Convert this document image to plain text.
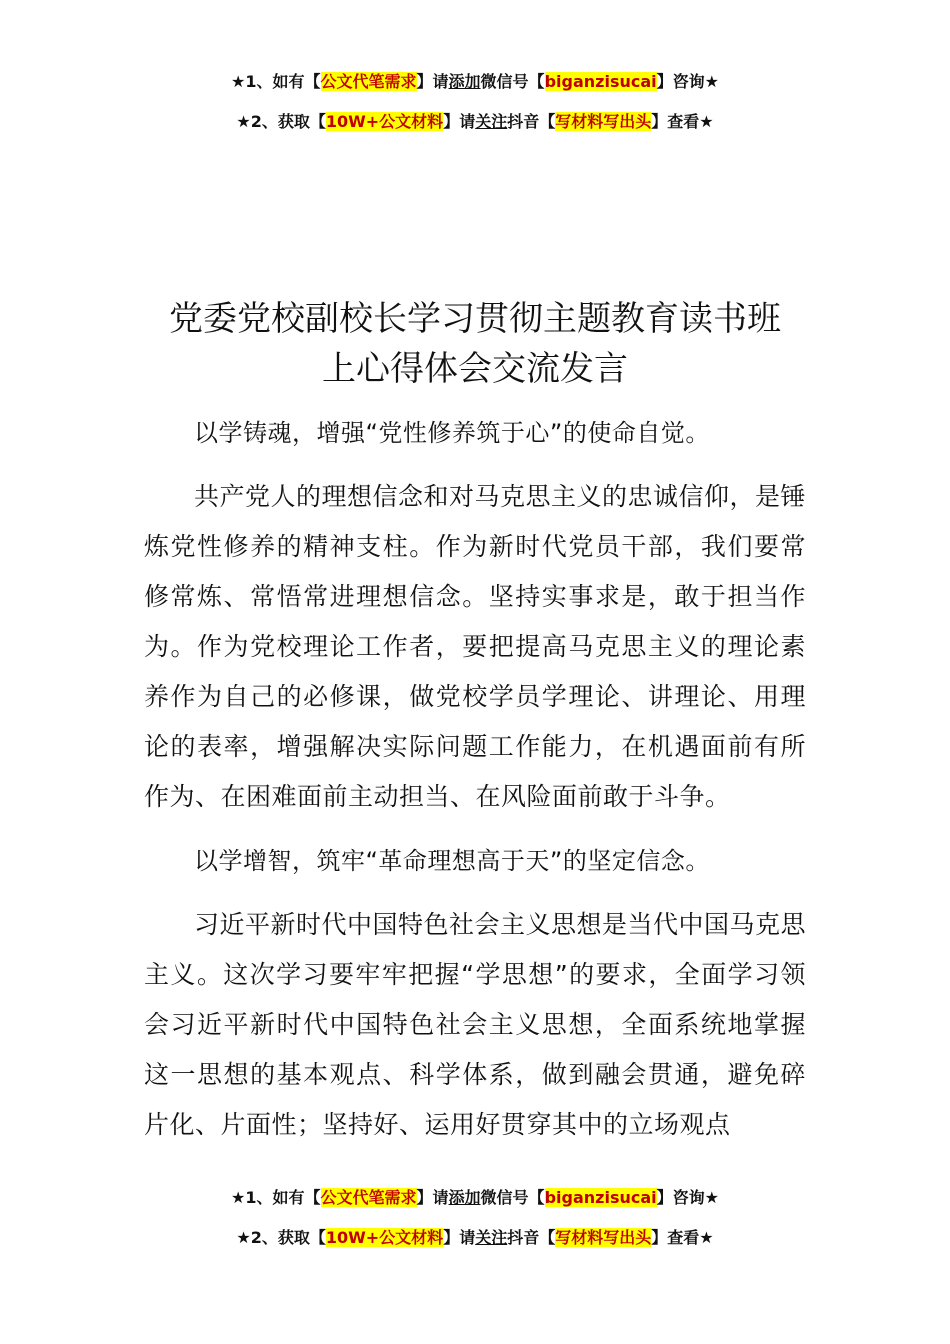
★1、如有【公文代笔需求】请添加微信号【biganzisucai】咨询★
★2、获取【10W+公文材料】请关注抖音【写材料写出头】查看★
党委党校副校长学习贯彻主题教育读书班
上心得体会交流发言

以学铸魂，增强“党性修养筑于心”的使命自觉。

共产党人的理想信念和对马克思主义的忠诚信仰，是锤炼党性修养的精神支柱。作为新时代党员干部，我们要常修常炼、常悟常进理想信念。坚持实事求是，敢于担当作为。作为党校理论工作者，要把提高马克思主义的理论素养作为自己的必修课，做党校学员学理论、讲理论、用理论的表率，增强解决实际问题工作能力，在机遇面前有所作为、在困难面前主动担当、在风险面前敢于斗争。

以学增智，筑牢“革命理想高于天”的坚定信念。

习近平新时代中国特色社会主义思想是当代中国马克思主义。这次学习要牢牢把握“学思想”的要求，全面学习领会习近平新时代中国特色社会主义思想，全面系统地掌握这一思想的基本观点、科学体系，做到融会贯通，避免碎片化、片面性；坚持好、运用好贯穿其中的立场观点

★1、如有【公文代笔需求】请添加微信号【biganzisucai】咨询★
★2、获取【10W+公文材料】请关注抖音【写材料写出头】查看★
